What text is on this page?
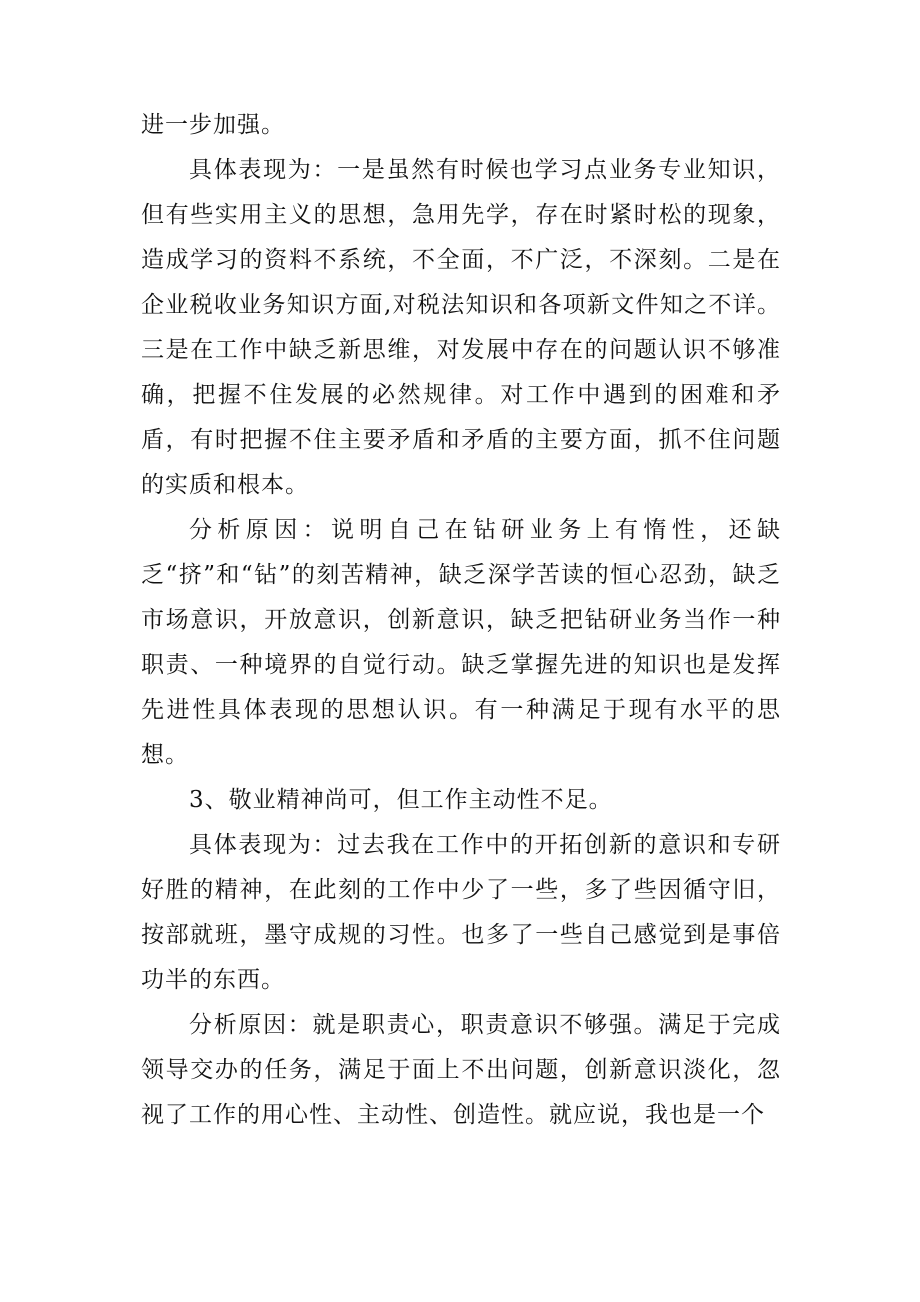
进一步加强。

具体表现为：一是虽然有时候也学习点业务专业知识，但有些实用主义的思想，急用先学，存在时紧时松的现象，造成学习的资料不系统，不全面，不广泛，不深刻。二是在企业税收业务知识方面,对税法知识和各项新文件知之不详。三是在工作中缺乏新思维，对发展中存在的问题认识不够准确，把握不住发展的必然规律。对工作中遇到的困难和矛盾，有时把握不住主要矛盾和矛盾的主要方面，抓不住问题的实质和根本。

分析原因：说明自己在钻研业务上有惰性，还缺乏“挤”和“钻”的刻苦精神，缺乏深学苦读的恒心忍劲，缺乏市场意识，开放意识，创新意识，缺乏把钻研业务当作一种职责、一种境界的自觉行动。缺乏掌握先进的知识也是发挥先进性具体表现的思想认识。有一种满足于现有水平的思想。

3、敬业精神尚可，但工作主动性不足。

具体表现为：过去我在工作中的开拓创新的意识和专研好胜的精神，在此刻的工作中少了一些，多了些因循守旧，按部就班，墨守成规的习性。也多了一些自己感觉到是事倍功半的东西。

分析原因：就是职责心，职责意识不够强。满足于完成领导交办的任务，满足于面上不出问题，创新意识淡化，忽视了工作的用心性、主动性、创造性。就应说，我也是一个
